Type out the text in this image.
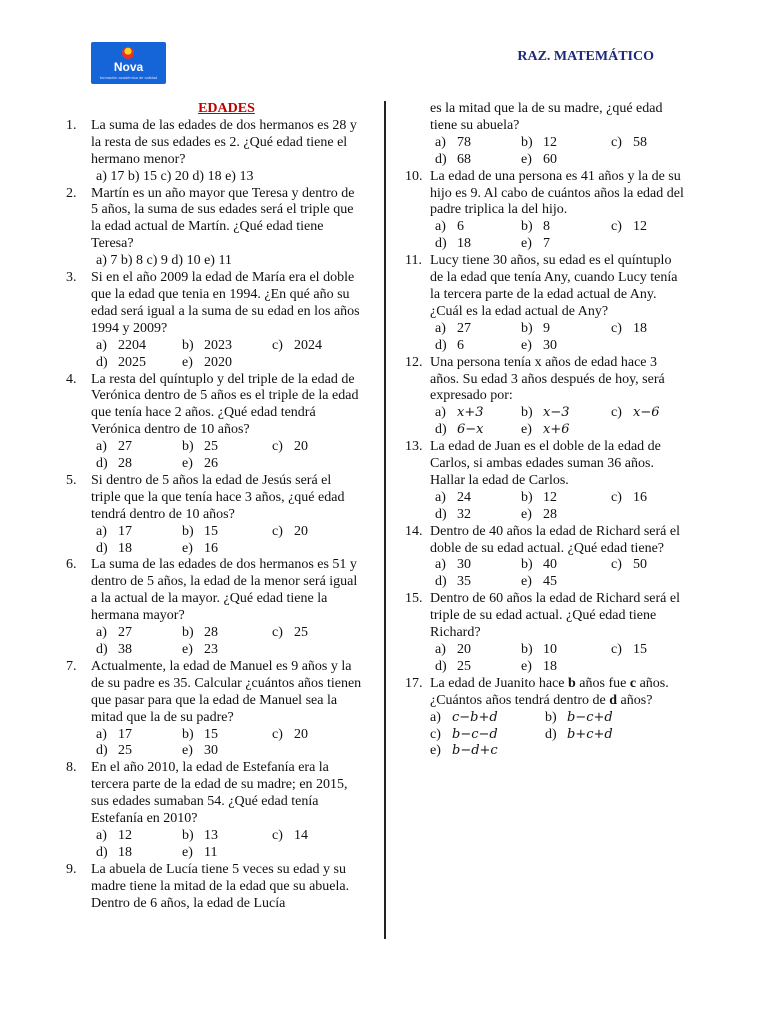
Nova
formación académica de calidad
RAZ. MATEMÁTICO
EDADES
1.	La suma de las edades de dos hermanos es 28 y la resta de sus edades es 2. ¿Qué edad tiene el hermano menor?
a) 17 b) 15 c) 20 d) 18 e) 13
2.	Martín es un año mayor que Teresa y dentro de 5 años, la suma de sus edades será el triple que la edad actual de Martín. ¿Qué edad tiene Teresa?
a) 7 b) 8 c) 9 d) 10 e) 11
3.	Si en el año 2009 la edad de María era el doble que la edad que tenia en 1994. ¿En qué año su edad será igual a la suma de su edad en los años 1994 y 2009?
a) 2204	b) 2023	c) 2024
d) 2025	e) 2020
4.	La resta del quíntuplo y del triple de la edad de Verónica dentro de 5 años es el triple de la edad que tenía hace 2 años. ¿Qué edad tendrá Verónica dentro de 10 años?
a) 27	b) 25	c) 20
d) 28	e) 26
5.	Si dentro de 5 años la edad de Jesús será el triple que la que tenía hace 3 años, ¿qué edad tendrá dentro de 10 años?
a) 17	b) 15	c) 20
d) 18	e) 16
6.	La suma de las edades de dos hermanos es 51 y dentro de 5 años, la edad de la menor será igual a la actual de la mayor. ¿Qué edad tiene la hermana mayor?
a) 27	b) 28	c) 25
d) 38	e) 23
7.	Actualmente, la edad de Manuel es 9 años y la de su padre es 35. Calcular ¿cuántos años tienen que pasar para que la edad de Manuel sea la mitad que la de su padre?
a) 17	b) 15	c) 20
d) 25	e) 30
8.	En el año 2010, la edad de Estefanía era la tercera parte de la edad de su madre; en 2015, sus edades sumaban 54. ¿Qué edad tenía Estefanía en 2010?
a) 12	b) 13	c) 14
d) 18	e) 11
9.	La abuela de Lucía tiene 5 veces su edad y su madre tiene la mitad de la edad que su abuela. Dentro de 6 años, la edad de Lucía
es la mitad que la de su madre, ¿qué edad tiene su abuela?
a) 78	b) 12	c) 58
d) 68	e) 60
10. La edad de una persona es 41 años y la de su hijo es 9. Al cabo de cuántos años la edad del padre triplica la del hijo.
a) 6	b) 8	c) 12
d) 18	e) 7
11. Lucy tiene 30 años, su edad es el quíntuplo de la edad que tenía Any, cuando Lucy tenía la tercera parte de la edad actual de Any.
¿Cuál es la edad actual de Any?
a) 27	b) 9	c) 18
d) 6	e) 30
12. Una persona tenía x años de edad hace 3 años. Su edad 3 años después de hoy, será expresado por:
a) 𝑥+3	b) 𝑥−3	c) 𝑥−6
d) 6−𝑥	e) 𝑥+6
13. La edad de Juan es el doble de la edad de Carlos, si ambas edades suman 36 años. Hallar la edad de Carlos.
a) 24	b) 12	c) 16
d) 32	e) 28
14. Dentro de 40 años la edad de Richard será el doble de su edad actual. ¿Qué edad tiene?
a) 30	b) 40	c) 50
d) 35	e) 45
15. Dentro de 60 años la edad de Richard será el triple de su edad actual. ¿Qué edad tiene Richard?
a) 20	b) 10	c) 15
d) 25	e) 18
17. La edad de Juanito hace b años fue c años. ¿Cuántos años tendrá dentro de d años?
a) 𝑐−𝑏+𝑑	b) 𝑏−𝑐+𝑑
c) 𝑏−𝑐−𝑑	d) 𝑏+𝑐+𝑑
e) 𝑏−𝑑+𝑐
